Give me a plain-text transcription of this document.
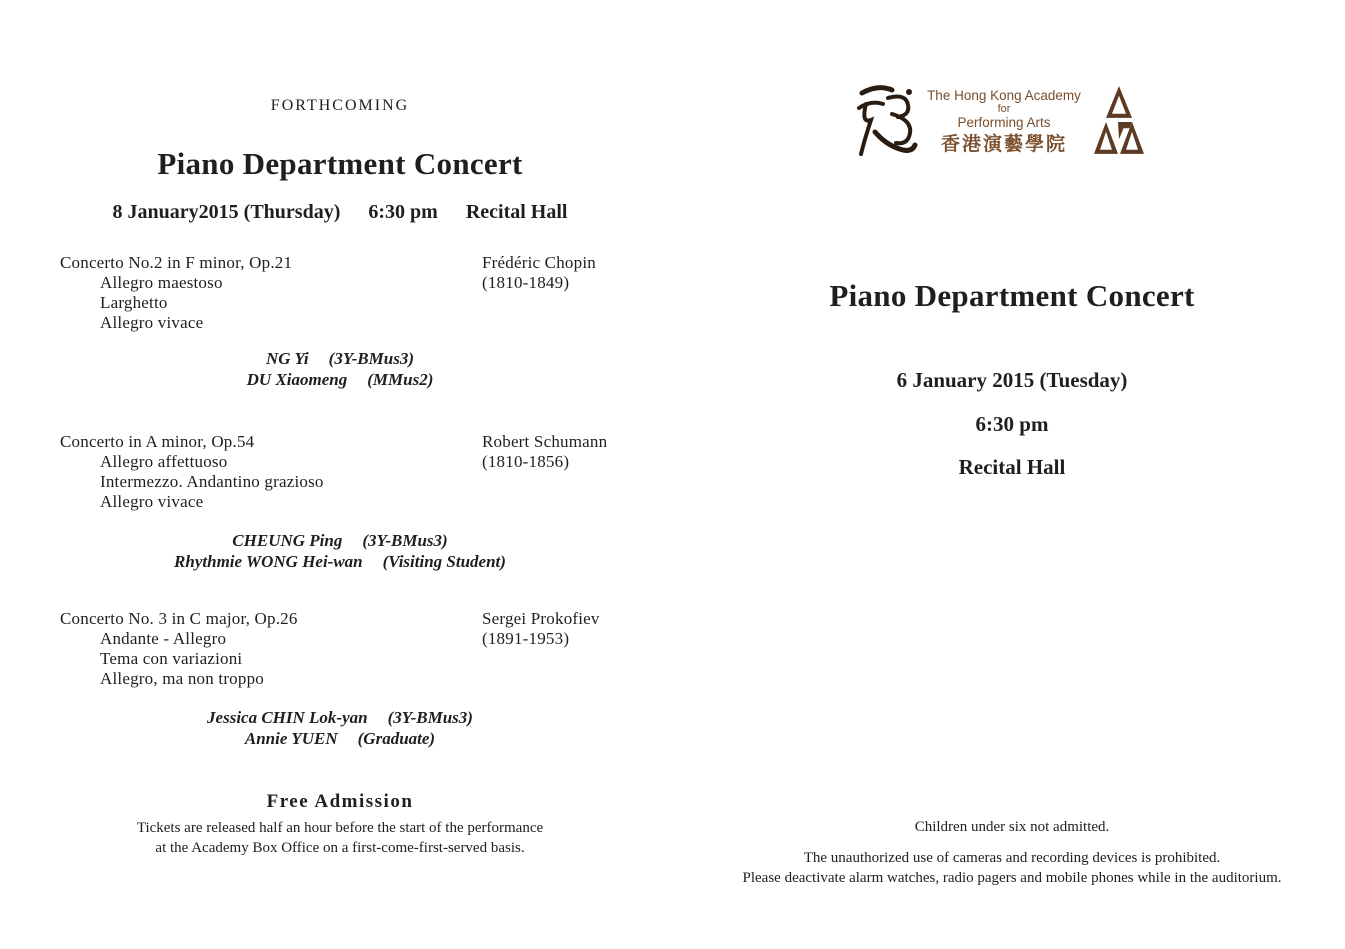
FORTHCOMING
Piano Department Concert
8 January2015 (Thursday) 6:30 pm Recital Hall
Concerto No.2 in F minor, Op.21
Allegro maestoso
Larghetto
Allegro vivace
Frédéric Chopin
(1810-1849)
NG Yi (3Y-BMus3)
DU Xiaomeng (MMus2)
Concerto in A minor, Op.54
Allegro affettuoso
Intermezzo. Andantino grazioso
Allegro vivace
Robert Schumann
(1810-1856)
CHEUNG Ping (3Y-BMus3)
Rhythmie WONG Hei-wan (Visiting Student)
Concerto No. 3 in C major, Op.26
Andante - Allegro
Tema con variazioni
Allegro, ma non troppo
Sergei Prokofiev
(1891-1953)
Jessica CHIN Lok-yan (3Y-BMus3)
Annie YUEN (Graduate)
Free Admission
Tickets are released half an hour before the start of the performance
at the Academy Box Office on a first-come-first-served basis.
The Hong Kong Academy
for
Performing Arts
香港演藝學院
Piano Department Concert
6 January 2015 (Tuesday)
6:30 pm
Recital Hall
Children under six not admitted.
The unauthorized use of cameras and recording devices is prohibited.
Please deactivate alarm watches, radio pagers and mobile phones while in the auditorium.
